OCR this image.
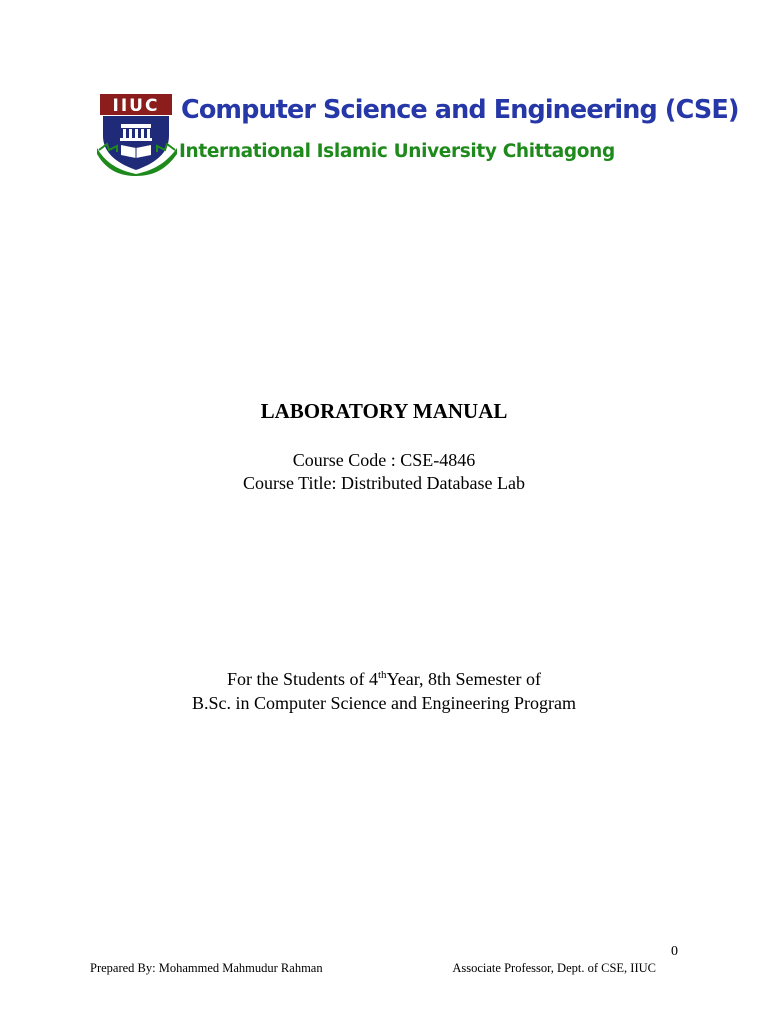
IIUC Computer Science and Engineering (CSE)
International Islamic University Chittagong
LABORATORY MANUAL
Course Code : CSE-4846
Course Title: Distributed Database Lab
For the Students of 4thYear, 8th Semester of
B.Sc. in Computer Science and Engineering Program
0
Prepared By: Mohammed Mahmudur Rahman	Associate Professor, Dept. of CSE, IIUC
